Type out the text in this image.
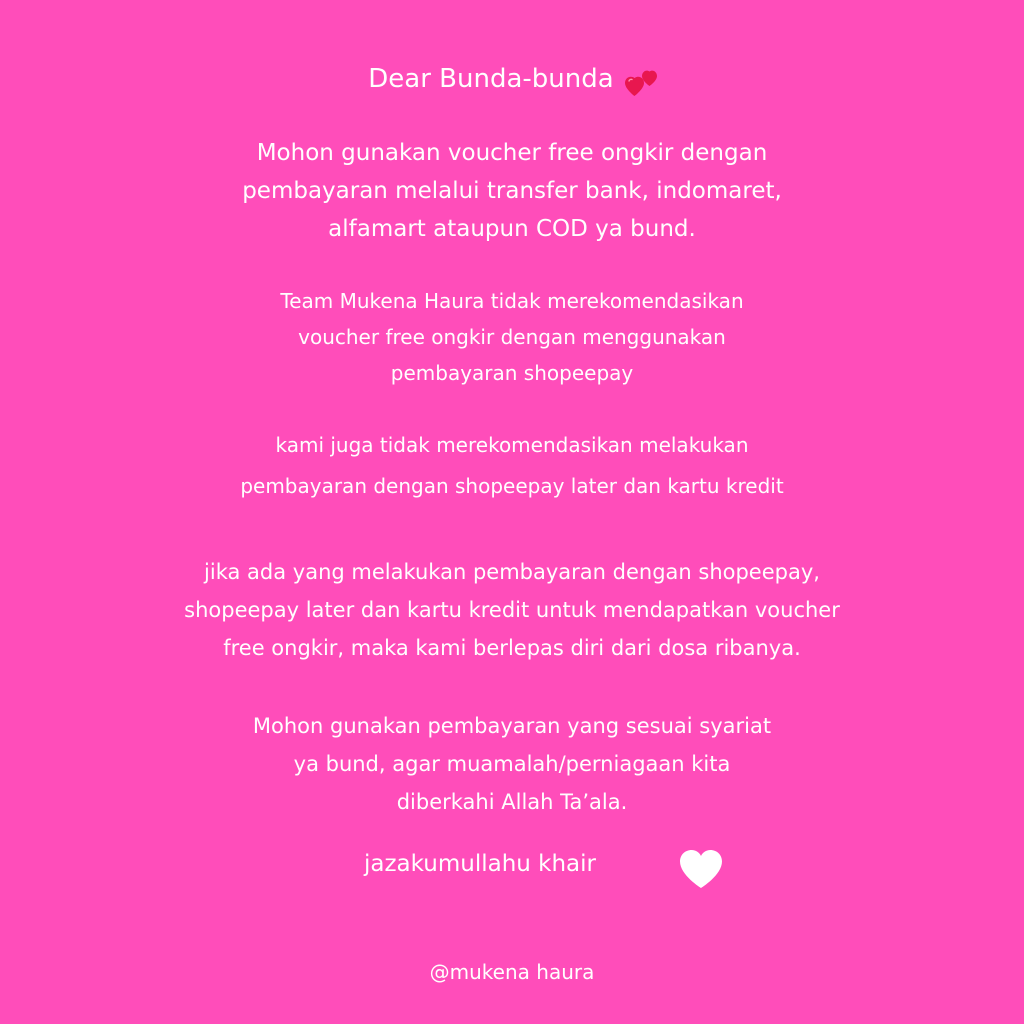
Dear Bunda-bunda
Mohon gunakan voucher free ongkir dengan
pembayaran melalui transfer bank, indomaret,
alfamart ataupun COD ya bund.
Team Mukena Haura tidak merekomendasikan
voucher free ongkir dengan menggunakan
pembayaran shopeepay
kami juga tidak merekomendasikan melakukan
pembayaran dengan shopeepay later dan kartu kredit
jika ada yang melakukan pembayaran dengan shopeepay,
shopeepay later dan kartu kredit untuk mendapatkan voucher
free ongkir, maka kami berlepas diri dari dosa ribanya.
Mohon gunakan pembayaran yang sesuai syariat
ya bund, agar muamalah/perniagaan kita
diberkahi Allah Ta’ala.
jazakumullahu khair
@mukena haura
